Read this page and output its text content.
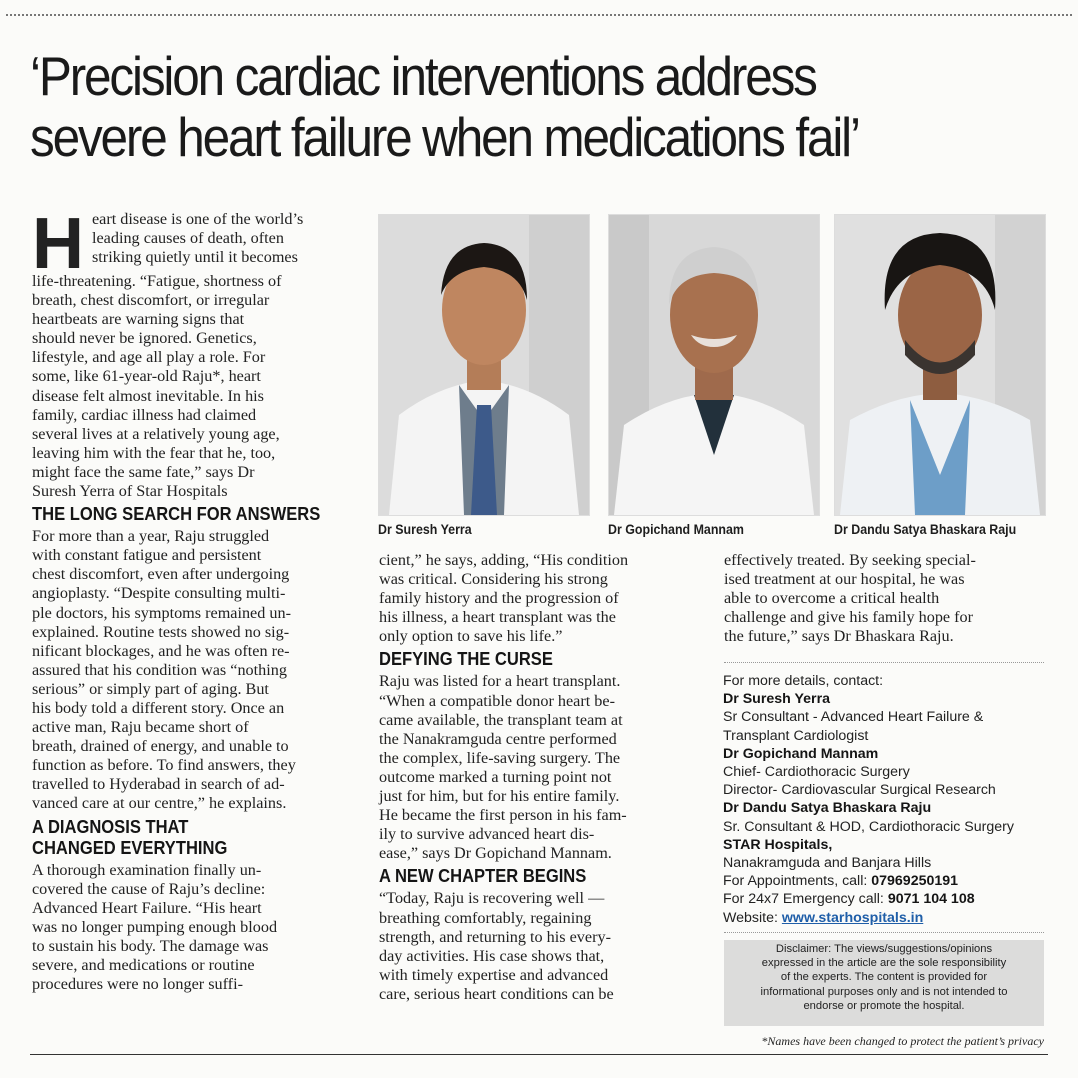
‘Precision cardiac interventions address
severe heart failure when medications fail’
H eart disease is one of the world’s
leading causes of death, often
striking quietly until it becomes
life-threatening. “Fatigue, shortness of
breath, chest discomfort, or irregular
heartbeats are warning signs that
should never be ignored. Genetics,
lifestyle, and age all play a role. For
some, like 61-year-old Raju*, heart
disease felt almost inevitable. In his
family, cardiac illness had claimed
several lives at a relatively young age,
leaving him with the fear that he, too,
might face the same fate,” says Dr
Suresh Yerra of Star Hospitals
THE LONG SEARCH FOR ANSWERS
For more than a year, Raju struggled
with constant fatigue and persistent
chest discomfort, even after undergoing
angioplasty. “Despite consulting multi-
ple doctors, his symptoms remained un-
explained. Routine tests showed no sig-
nificant blockages, and he was often re-
assured that his condition was “nothing
serious” or simply part of aging. But
his body told a different story. Once an
active man, Raju became short of
breath, drained of energy, and unable to
function as before. To find answers, they
travelled to Hyderabad in search of ad-
vanced care at our centre,” he explains.
A DIAGNOSIS THAT
CHANGED EVERYTHING
A thorough examination finally un-
covered the cause of Raju’s decline:
Advanced Heart Failure. “His heart
was no longer pumping enough blood
to sustain his body. The damage was
severe, and medications or routine
procedures were no longer suffi-
Dr Suresh Yerra	Dr Gopichand Mannam	Dr Dandu Satya Bhaskara Raju
cient,” he says, adding, “His condition
was critical. Considering his strong
family history and the progression of
his illness, a heart transplant was the
only option to save his life.”
DEFYING THE CURSE
Raju was listed for a heart transplant.
“When a compatible donor heart be-
came available, the transplant team at
the Nanakramguda centre performed
the complex, life-saving surgery. The
outcome marked a turning point not
just for him, but for his entire family.
He became the first person in his fam-
ily to survive advanced heart dis-
ease,” says Dr Gopichand Mannam.
A NEW CHAPTER BEGINS
“Today, Raju is recovering well —
breathing comfortably, regaining
strength, and returning to his every-
day activities. His case shows that,
with timely expertise and advanced
care, serious heart conditions can be
effectively treated. By seeking special-
ised treatment at our hospital, he was
able to overcome a critical health
challenge and give his family hope for
the future,” says Dr Bhaskara Raju.
For more details, contact:
Dr Suresh Yerra
Sr Consultant - Advanced Heart Failure &
Transplant Cardiologist
Dr Gopichand Mannam
Chief- Cardiothoracic Surgery
Director- Cardiovascular Surgical Research
Dr Dandu Satya Bhaskara Raju
Sr. Consultant & HOD, Cardiothoracic Surgery
STAR Hospitals,
Nanakramguda and Banjara Hills
For Appointments, call: 07969250191
For 24x7 Emergency call: 9071 104 108
Website: www.starhospitals.in
Disclaimer: The views/suggestions/opinions
expressed in the article are the sole responsibility
of the experts. The content is provided for
informational purposes only and is not intended to
endorse or promote the hospital.
*Names have been changed to protect the patient’s privacy
